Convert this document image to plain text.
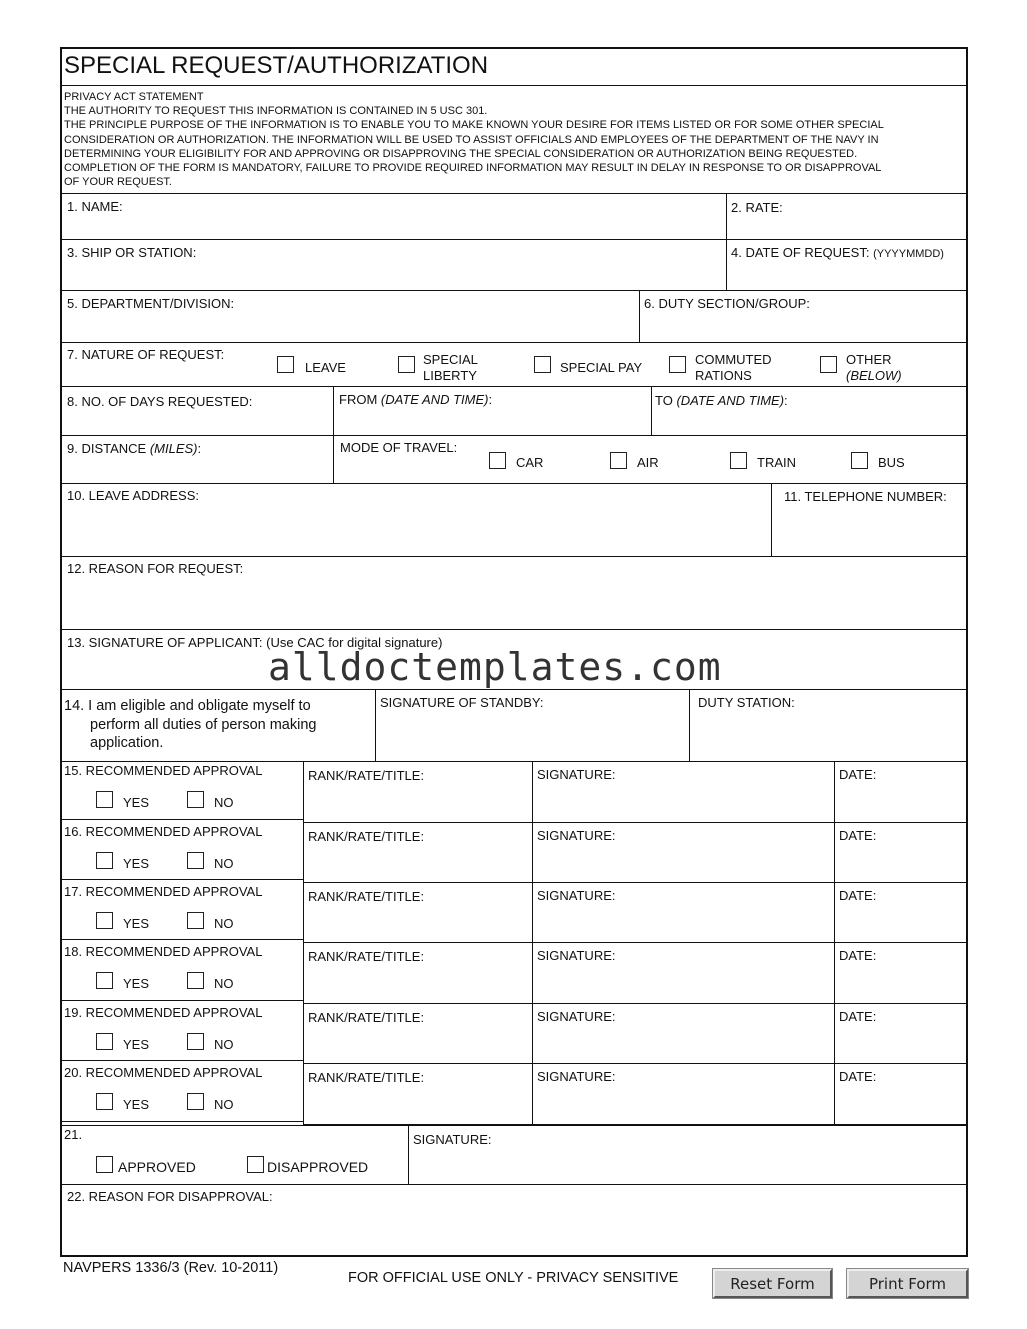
SPECIAL REQUEST/AUTHORIZATION
PRIVACY ACT STATEMENT
THE AUTHORITY TO REQUEST THIS INFORMATION IS CONTAINED IN 5 USC 301.
THE PRINCIPLE PURPOSE OF THE INFORMATION IS TO ENABLE YOU TO MAKE KNOWN YOUR DESIRE FOR ITEMS LISTED OR FOR SOME OTHER SPECIAL
CONSIDERATION OR AUTHORIZATION. THE INFORMATION WILL BE USED TO ASSIST OFFICIALS AND EMPLOYEES OF THE DEPARTMENT OF THE NAVY IN
DETERMINING YOUR ELIGIBILITY FOR AND APPROVING OR DISAPPROVING THE SPECIAL CONSIDERATION OR AUTHORIZATION BEING REQUESTED.
COMPLETION OF THE FORM IS MANDATORY, FAILURE TO PROVIDE REQUIRED INFORMATION MAY RESULT IN DELAY IN RESPONSE TO OR DISAPPROVAL
OF YOUR REQUEST.
1. NAME:	2. RATE:
3. SHIP OR STATION:	4. DATE OF REQUEST: (YYYYMMDD)
5. DEPARTMENT/DIVISION:	6. DUTY SECTION/GROUP:
7. NATURE OF REQUEST:
LEAVE
SPECIAL
LIBERTY
SPECIAL PAY
COMMUTED
RATIONS
OTHER
(BELOW)
8. NO. OF DAYS REQUESTED:	FROM (DATE AND TIME):	TO (DATE AND TIME):
9. DISTANCE (MILES):	MODE OF TRAVEL:
CAR	AIR	TRAIN	BUS
10. LEAVE ADDRESS:	11. TELEPHONE NUMBER:
12. REASON FOR REQUEST:
13. SIGNATURE OF APPLICANT: (Use CAC for digital signature)
14. I am eligible and obligate myself to
perform all duties of person making
application.
SIGNATURE OF STANDBY:	DUTY STATION:
15. RECOMMENDED APPROVAL
YES	NO
RANK/RATE/TITLE:	SIGNATURE:	DATE:
16. RECOMMENDED APPROVAL
YES	NO
RANK/RATE/TITLE:	SIGNATURE:	DATE:
17. RECOMMENDED APPROVAL
YES	NO
RANK/RATE/TITLE:	SIGNATURE:	DATE:
18. RECOMMENDED APPROVAL
YES	NO
RANK/RATE/TITLE:	SIGNATURE:	DATE:
19. RECOMMENDED APPROVAL
YES	NO
RANK/RATE/TITLE:	SIGNATURE:	DATE:
20. RECOMMENDED APPROVAL
YES	NO
RANK/RATE/TITLE:	SIGNATURE:	DATE:
21.
APPROVED	DISAPPROVED
SIGNATURE:
22. REASON FOR DISAPPROVAL:
alldoctemplates.com
NAVPERS 1336/3 (Rev. 10-2011)
FOR OFFICIAL USE ONLY - PRIVACY SENSITIVE	Reset Form	Print Form
